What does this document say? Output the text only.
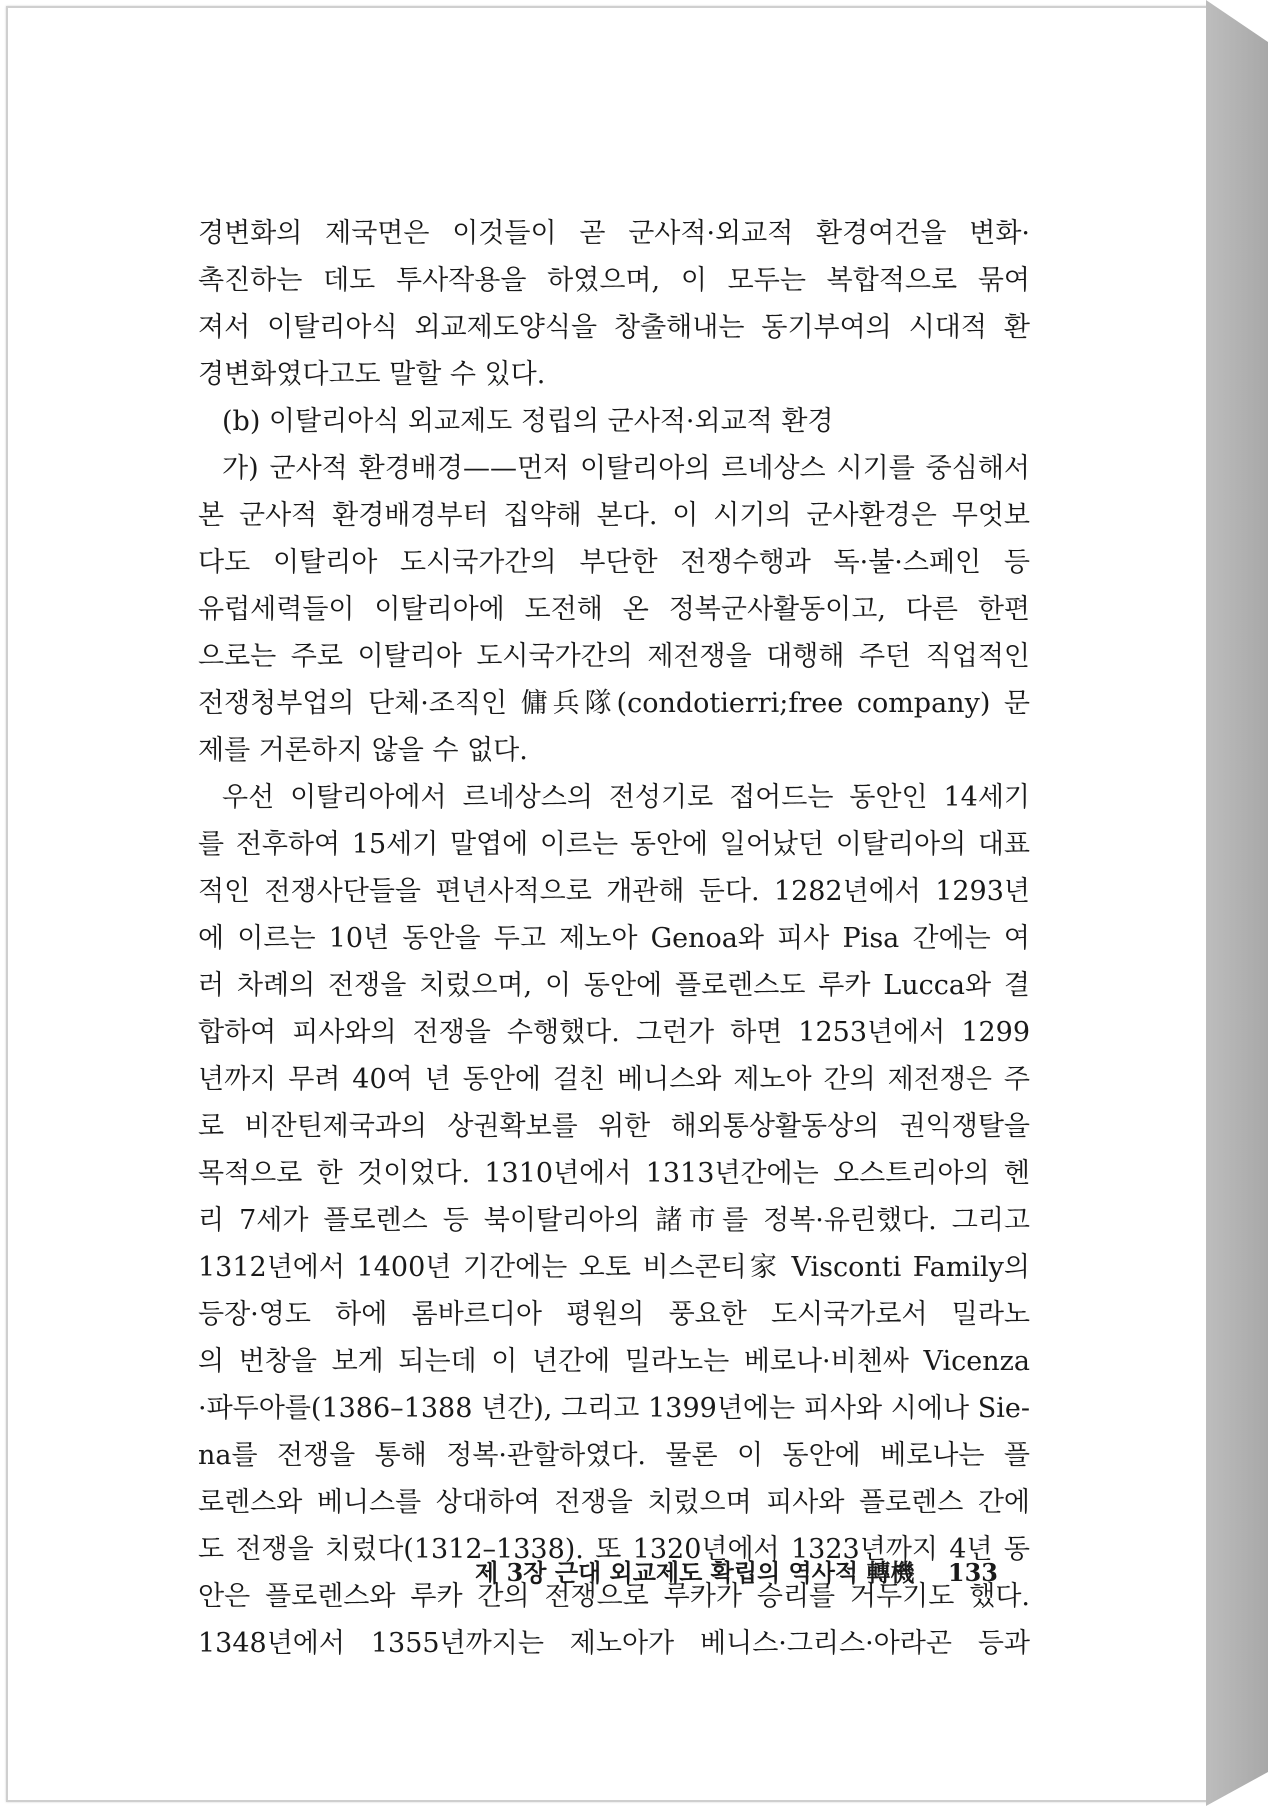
경변화의 제국면은 이것들이 곧 군사적·외교적 환경여건을 변화·
촉진하는 데도 투사작용을 하였으며, 이 모두는 복합적으로 묶여
져서 이탈리아식 외교제도양식을 창출해내는 동기부여의 시대적 환
경변화였다고도 말할 수 있다.
(b) 이탈리아식 외교제도 정립의 군사적·외교적 환경
가) 군사적 환경배경——먼저 이탈리아의 르네상스 시기를 중심해서
본 군사적 환경배경부터 집약해 본다. 이 시기의 군사환경은 무엇보
다도 이탈리아 도시국가간의 부단한 전쟁수행과 독·불·스페인 등
유럽세력들이 이탈리아에 도전해 온 정복군사활동이고, 다른 한편
으로는 주로 이탈리아 도시국가간의 제전쟁을 대행해 주던 직업적인
전쟁청부업의 단체·조직인 傭兵隊(condotierri;free company) 문
제를 거론하지 않을 수 없다.
우선 이탈리아에서 르네상스의 전성기로 접어드는 동안인 14세기
를 전후하여 15세기 말엽에 이르는 동안에 일어났던 이탈리아의 대표
적인 전쟁사단들을 편년사적으로 개관해 둔다. 1282년에서 1293년
에 이르는 10년 동안을 두고 제노아 Genoa와 피사 Pisa 간에는 여
러 차례의 전쟁을 치렀으며, 이 동안에 플로렌스도 루카 Lucca와 결
합하여 피사와의 전쟁을 수행했다. 그런가 하면 1253년에서 1299
년까지 무려 40여 년 동안에 걸친 베니스와 제노아 간의 제전쟁은 주
로 비잔틴제국과의 상권확보를 위한 해외통상활동상의 권익쟁탈을
목적으로 한 것이었다. 1310년에서 1313년간에는 오스트리아의 헨
리 7세가 플로렌스 등 북이탈리아의 諸市를 정복·유린했다. 그리고
1312년에서 1400년 기간에는 오토 비스콘티家 Visconti Family의
등장·영도 하에 롬바르디아 평원의 풍요한 도시국가로서 밀라노
의 번창을 보게 되는데 이 년간에 밀라노는 베로나·비첸싸 Vicenza
·파두아를(1386–1388 년간), 그리고 1399년에는 피사와 시에나 Sie-
na를 전쟁을 통해 정복·관할하였다. 물론 이 동안에 베로나는 플
로렌스와 베니스를 상대하여 전쟁을 치렀으며 피사와 플로렌스 간에
도 전쟁을 치렀다(1312–1338). 또 1320년에서 1323년까지 4년 동
안은 플로렌스와 루카 간의 전쟁으로 루카가 승리를 거두기도 했다.
1348년에서 1355년까지는 제노아가 베니스·그리스·아라곤 등과
제 3장 근대 외교제도 확립의 역사적 轉機 133
